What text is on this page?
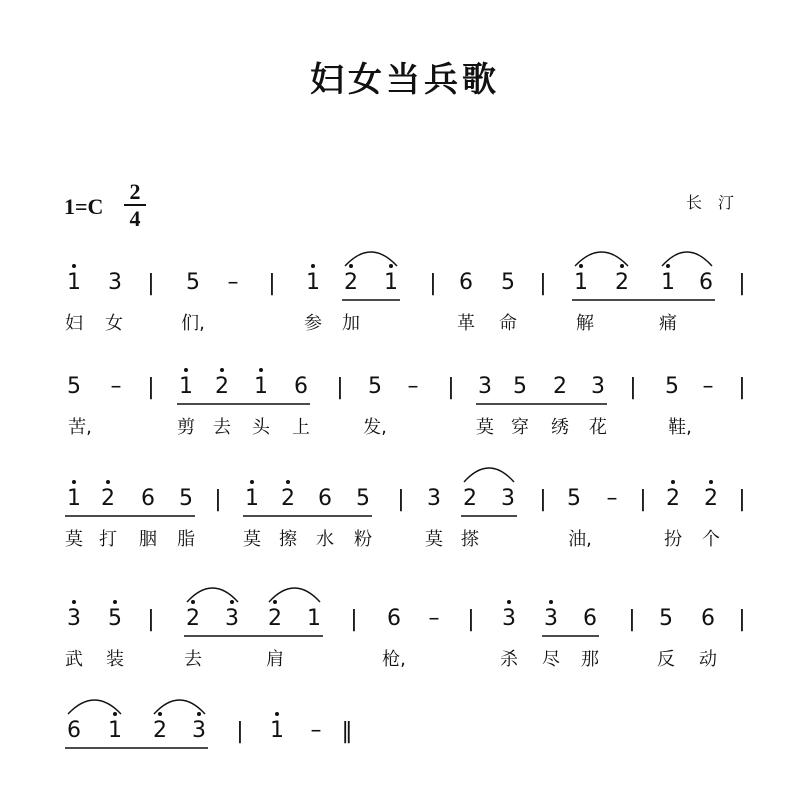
妇女当兵歌
1=C
2
4
长汀
1 3 | 5 – | 1 2 1 | 6 5 | 1 2 1 6 |
妇 女	们,	参 加	革 命	解	痛
5 – | 1 2 1 6 | 5 – | 3 5 2 3 | 5 – |
苦,	剪 去 头 上	发,	莫 穿 绣 花	鞋,
1 2 6 5 | 1 2 6 5 | 3 2 3 | 5 – | 2 2 |
莫 打 胭 脂	莫 擦 水 粉	莫 搽	油,	扮 个
3 5 | 2 3 2 1 | 6 – | 3 3 6 | 5 6 |
武 装	去	肩	枪,	杀 尽 那	反 动
6 1 2 3 | 1 – ‖
